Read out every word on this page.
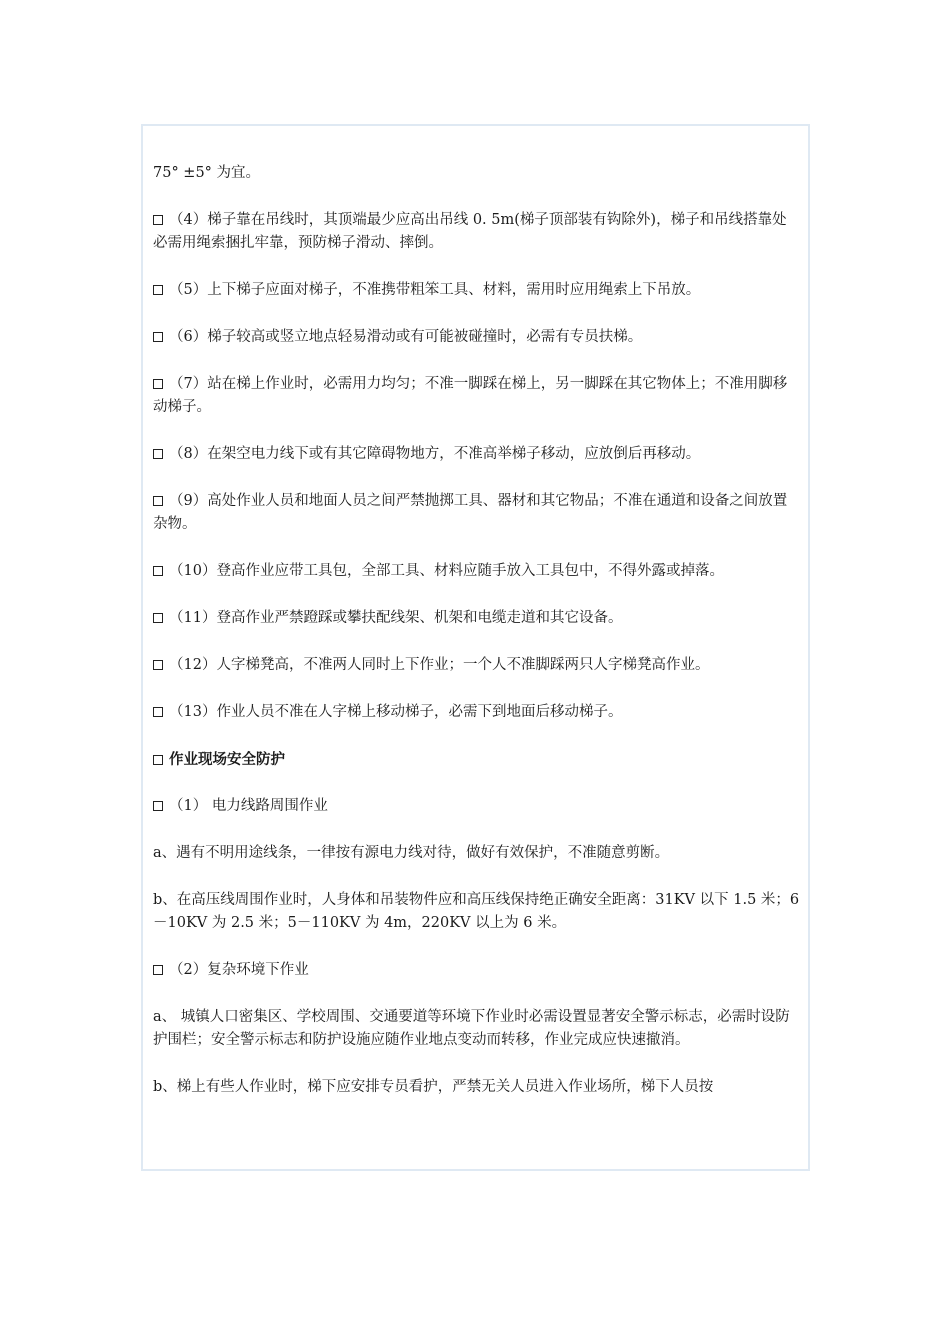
75° ±5° 为宜。
（4）梯子靠在吊线时，其顶端最少应高出吊线 0. 5m(梯子顶部装有钩除外)，梯子和吊线搭靠处必需用绳索捆扎牢靠，预防梯子滑动、摔倒。
（5）上下梯子应面对梯子，不准携带粗笨工具、材料，需用时应用绳索上下吊放。
（6）梯子较高或竖立地点轻易滑动或有可能被碰撞时，必需有专员扶梯。
（7）站在梯上作业时，必需用力均匀；不准一脚踩在梯上，另一脚踩在其它物体上；不准用脚移动梯子。
（8）在架空电力线下或有其它障碍物地方，不准高举梯子移动，应放倒后再移动。
（9）高处作业人员和地面人员之间严禁抛掷工具、器材和其它物品；不准在通道和设备之间放置杂物。
（10）登高作业应带工具包，全部工具、材料应随手放入工具包中，不得外露或掉落。
（11）登高作业严禁蹬踩或攀扶配线架、机架和电缆走道和其它设备。
（12）人字梯凳高，不准两人同时上下作业；一个人不准脚踩两只人字梯凳高作业。
（13）作业人员不准在人字梯上移动梯子，必需下到地面后移动梯子。
作业现场安全防护
（1） 电力线路周围作业
a、遇有不明用途线条，一律按有源电力线对待，做好有效保护，不准随意剪断。
b、在高压线周围作业时，人身体和吊装物件应和高压线保持绝正确安全距离：31KV 以下 1.5 米；6－10KV 为 2.5 米；5－110KV 为 4m，220KV 以上为 6 米。
（2）复杂环境下作业
a、 城镇人口密集区、学校周围、交通要道等环境下作业时必需设置显著安全警示标志，必需时设防护围栏；安全警示标志和防护设施应随作业地点变动而转移，作业完成应快速撤消。
b、梯上有些人作业时，梯下应安排专员看护，严禁无关人员进入作业场所，梯下人员按
